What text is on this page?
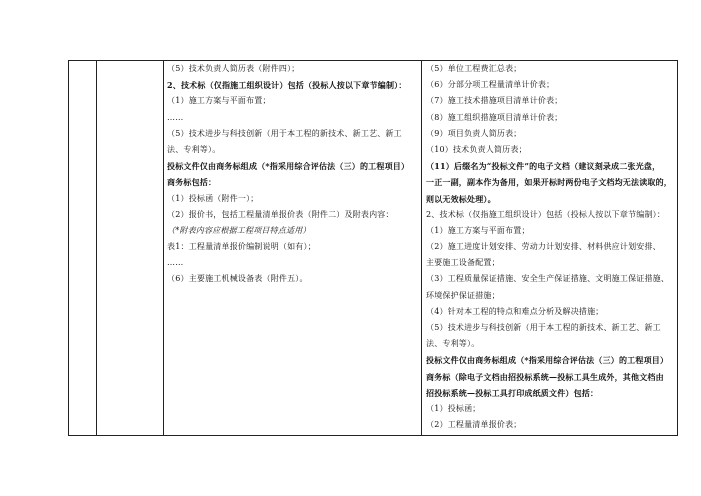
（5）技术负责人简历表（附件四）；
2、技术标（仅指施工组织设计）包括（投标人按以下章节编制）：
（1）施工方案与平面布置；
……
（5）技术进步与科技创新（用于本工程的新技术、新工艺、新工
法、专利等）。
投标文件仅由商务标组成（*指采用综合评估法（三）的工程项目）
商务标包括：
（1）投标函（附件一）；
（2）报价书，包括工程量清单报价表（附件二）及附表内容：
（*附表内容应根据工程项目特点适用）
表1：工程量清单报价编制说明（如有）；
……
（6）主要施工机械设备表（附件五）。
（5）单位工程费汇总表；
（6）分部分项工程量清单计价表；
（7）施工技术措施项目清单计价表；
（8）施工组织措施项目清单计价表；
（9）项目负责人简历表；
（10）技术负责人简历表；
（11）后缀名为“投标文件”的电子文档（建议刻录成二张光盘，
一正一副，副本作为备用，如果开标时两份电子文档均无法读取的，
则以无效标处理）。
2、技术标（仅指施工组织设计）包括（投标人按以下章节编制）：
（1）施工方案与平面布置；
（2）施工进度计划安排、劳动力计划安排、材料供应计划安排、
主要施工设备配置；
（3）工程质量保证措施、安全生产保证措施、文明施工保证措施、
环境保护保证措施；
（4）针对本工程的特点和难点分析及解决措施；
（5）技术进步与科技创新（用于本工程的新技术、新工艺、新工
法、专利等）。
投标文件仅由商务标组成（*指采用综合评估法（三）的工程项目）
商务标（除电子文档由招投标系统—投标工具生成外，其他文档由
招投标系统—投标工具打印成纸质文件）包括：
（1）投标函；
（2）工程量清单报价表；
